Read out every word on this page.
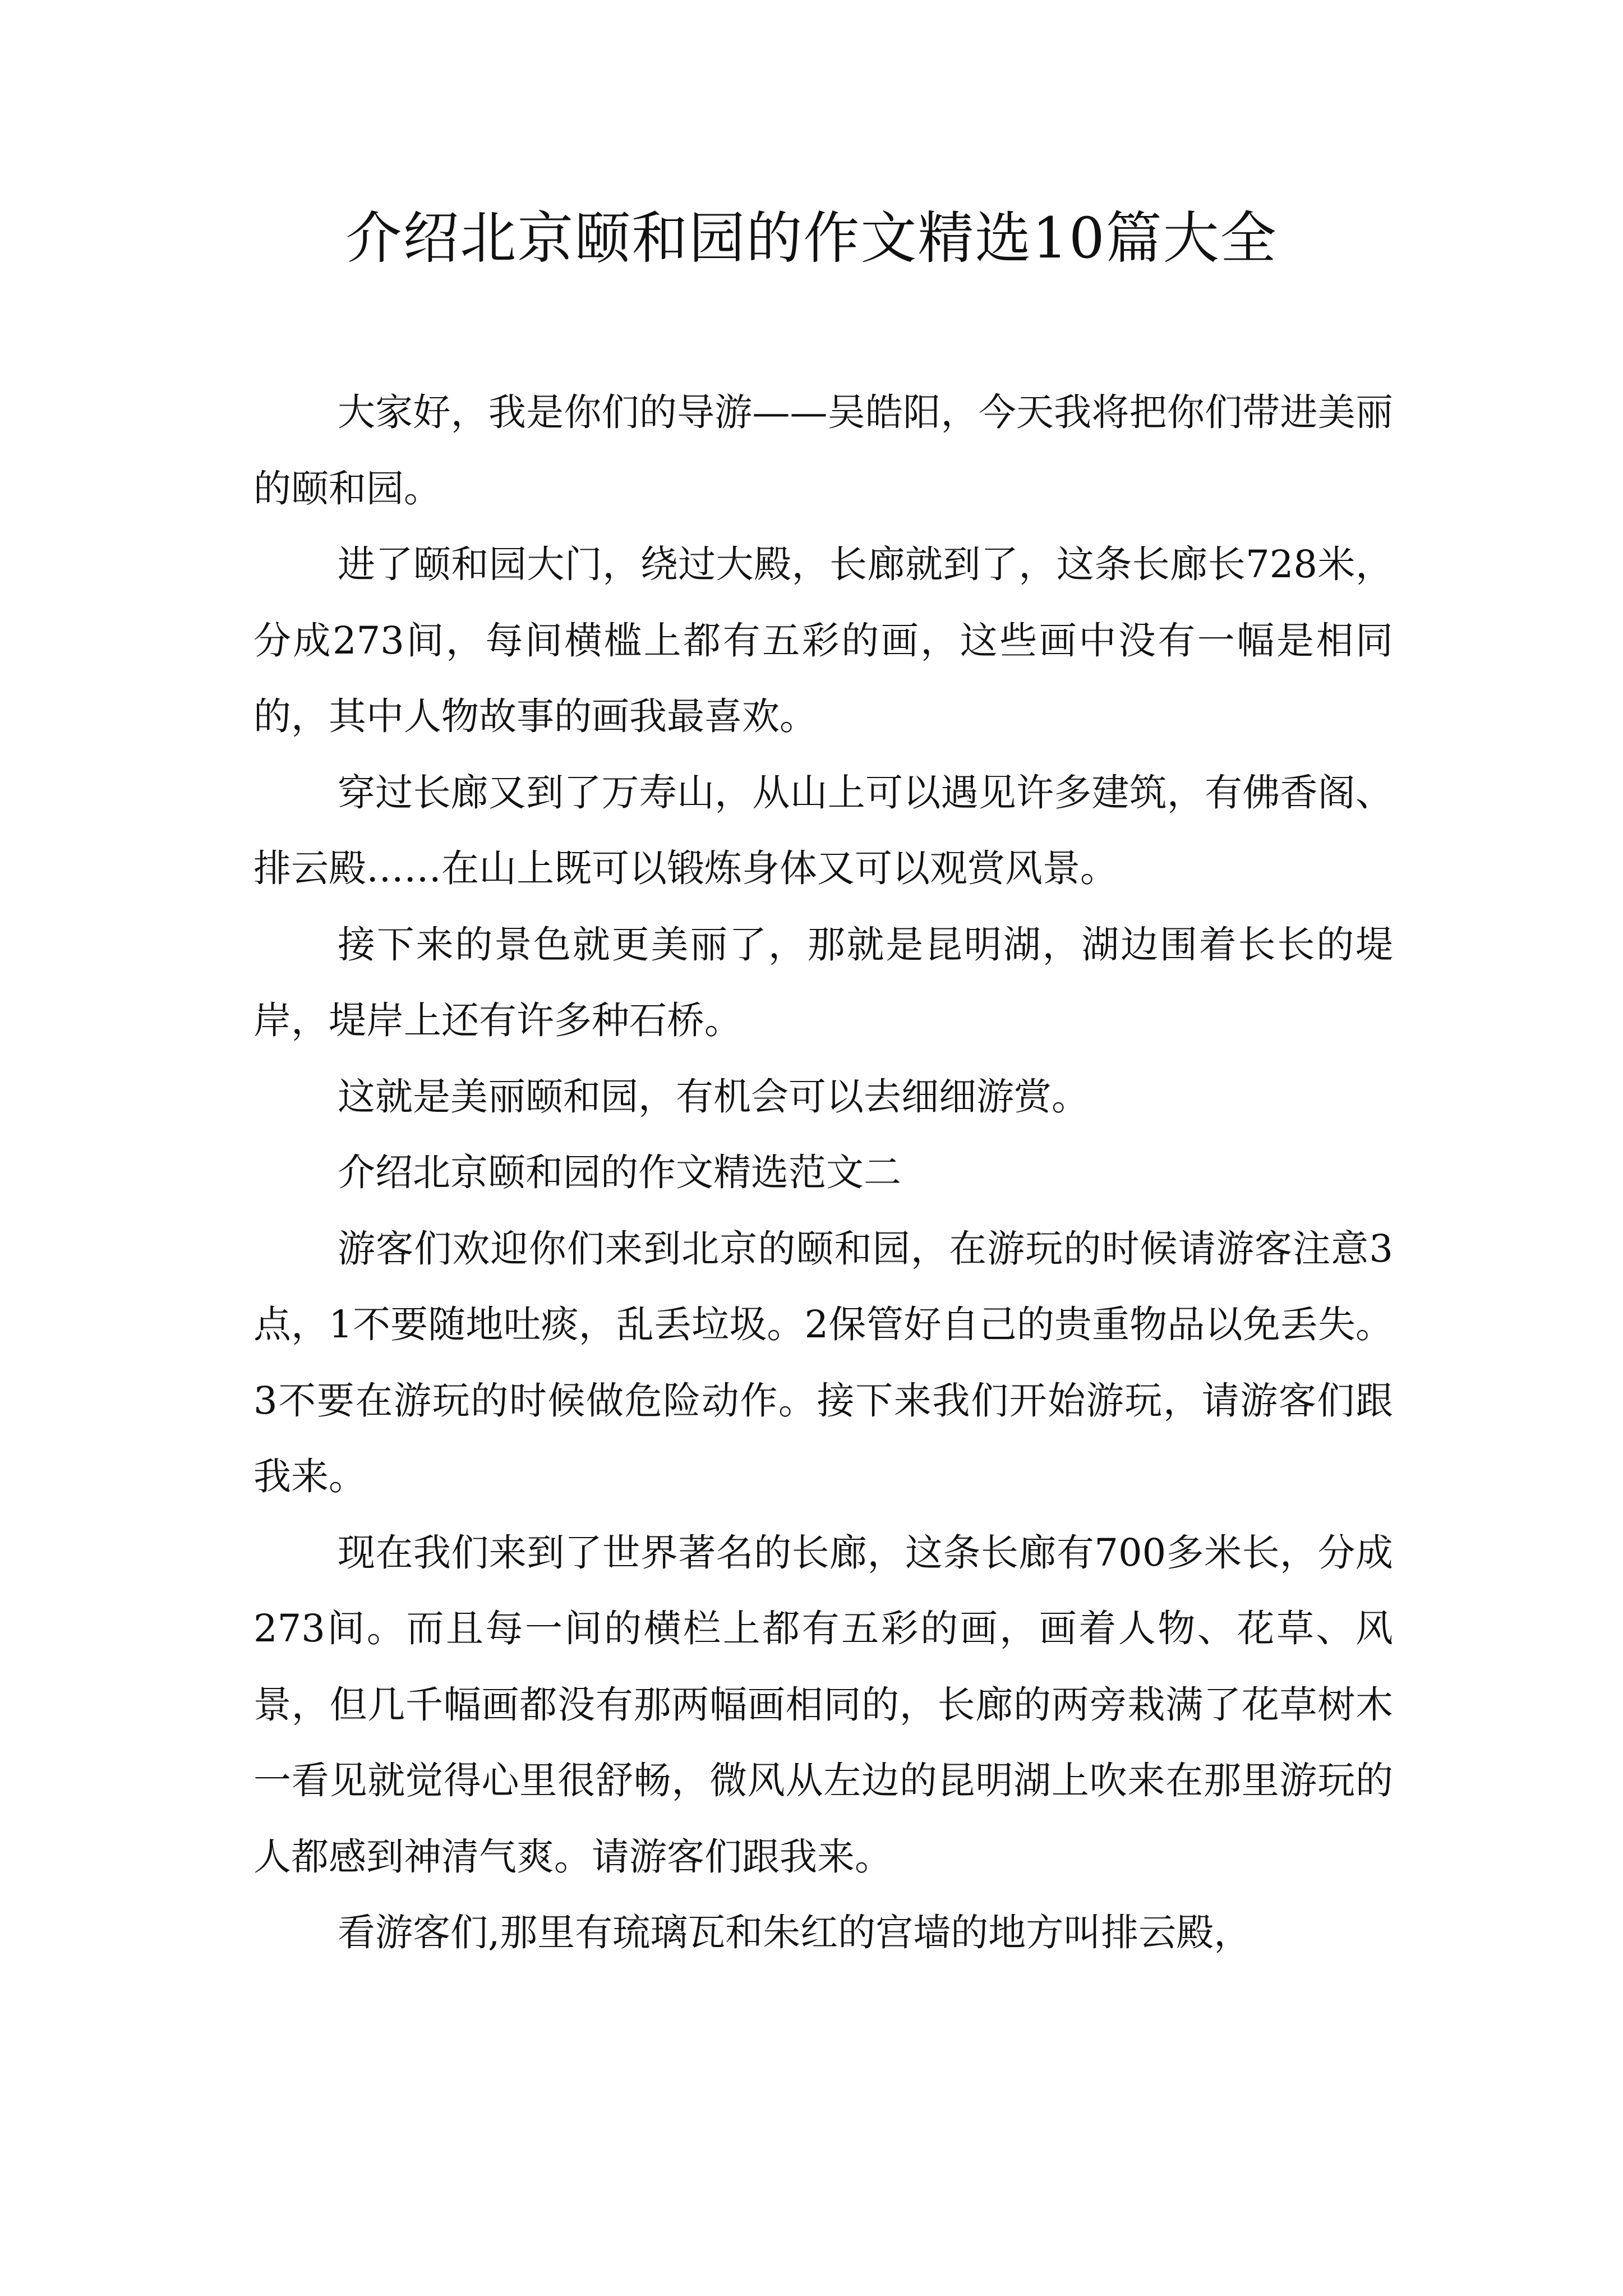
介绍北京颐和园的作文精选10篇大全

大家好，我是你们的导游——吴皓阳，今天我将把你们带进美丽的颐和园。

进了颐和园大门，绕过大殿，长廊就到了，这条长廊长728米，分成273间，每间横槛上都有五彩的画，这些画中没有一幅是相同的，其中人物故事的画我最喜欢。

穿过长廊又到了万寿山，从山上可以遇见许多建筑，有佛香阁、排云殿……在山上既可以锻炼身体又可以观赏风景。

接下来的景色就更美丽了，那就是昆明湖，湖边围着长长的堤岸，堤岸上还有许多种石桥。

这就是美丽颐和园，有机会可以去细细游赏。

介绍北京颐和园的作文精选范文二

游客们欢迎你们来到北京的颐和园，在游玩的时候请游客注意3点，1不要随地吐痰，乱丢垃圾。2保管好自己的贵重物品以免丢失。3不要在游玩的时候做危险动作。接下来我们开始游玩，请游客们跟我来。

现在我们来到了世界著名的长廊，这条长廊有700多米长，分成273间。而且每一间的横栏上都有五彩的画，画着人物、花草、风景，但几千幅画都没有那两幅画相同的，长廊的两旁栽满了花草树木一看见就觉得心里很舒畅，微风从左边的昆明湖上吹来在那里游玩的人都感到神清气爽。请游客们跟我来。

看游客们,那里有琉璃瓦和朱红的宫墙的地方叫排云殿，
